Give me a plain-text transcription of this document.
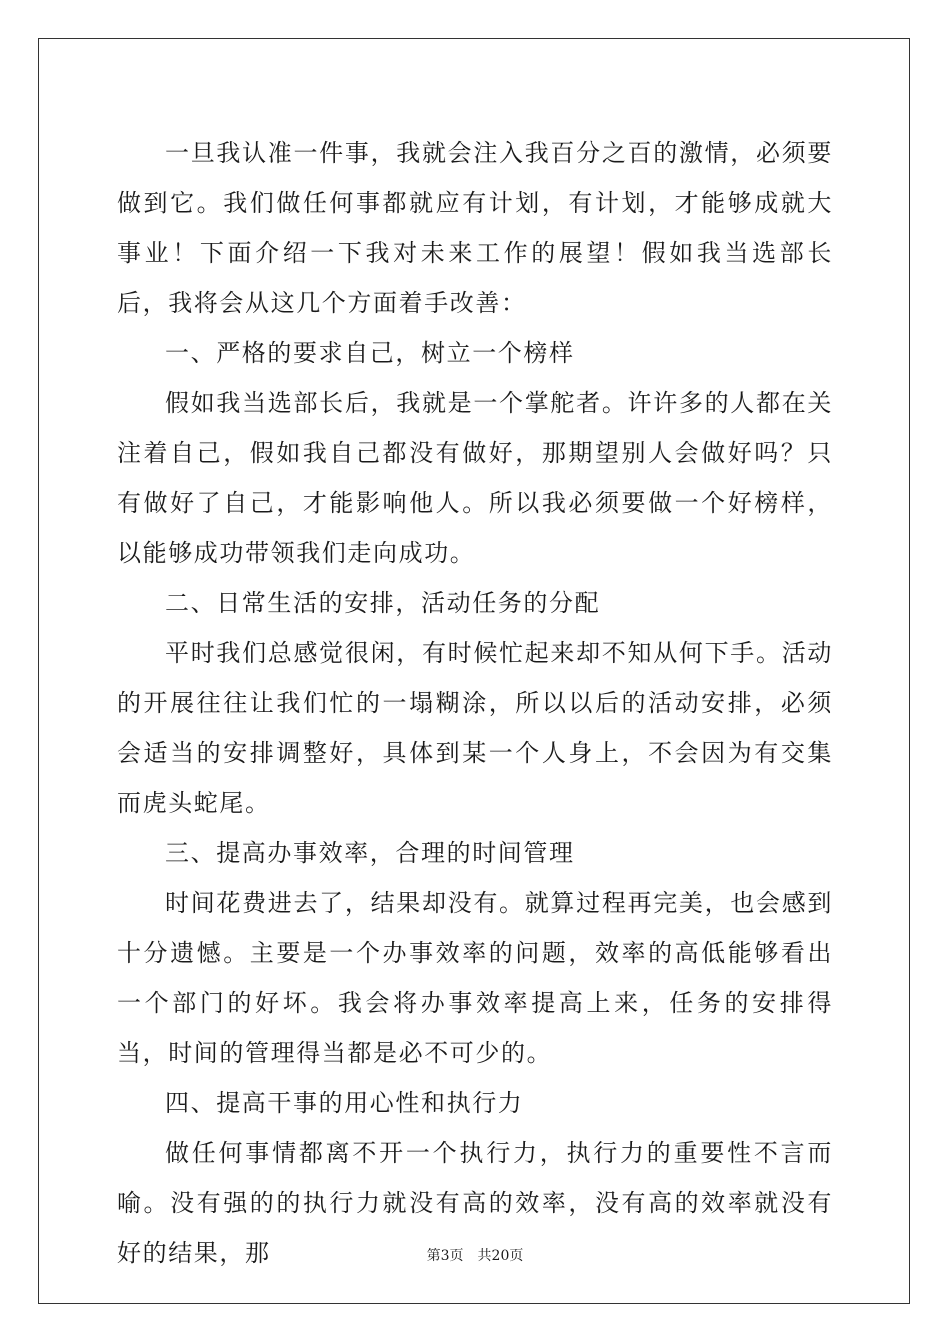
一旦我认准一件事，我就会注入我百分之百的激情，必须要做到它。我们做任何事都就应有计划，有计划，才能够成就大事业！下面介绍一下我对未来工作的展望！假如我当选部长后，我将会从这几个方面着手改善：

一、严格的要求自己，树立一个榜样

假如我当选部长后，我就是一个掌舵者。许许多的人都在关注着自己，假如我自己都没有做好，那期望别人会做好吗？只有做好了自己，才能影响他人。所以我必须要做一个好榜样，以能够成功带领我们走向成功。

二、日常生活的安排，活动任务的分配

平时我们总感觉很闲，有时候忙起来却不知从何下手。活动的开展往往让我们忙的一塌糊涂，所以以后的活动安排，必须会适当的安排调整好，具体到某一个人身上，不会因为有交集而虎头蛇尾。

三、提高办事效率，合理的时间管理

时间花费进去了，结果却没有。就算过程再完美，也会感到十分遗憾。主要是一个办事效率的问题，效率的高低能够看出一个部门的好坏。我会将办事效率提高上来，任务的安排得当，时间的管理得当都是必不可少的。

四、提高干事的用心性和执行力

做任何事情都离不开一个执行力，执行力的重要性不言而喻。没有强的的执行力就没有高的效率，没有高的效率就没有好的结果，那	第3页 共20页
